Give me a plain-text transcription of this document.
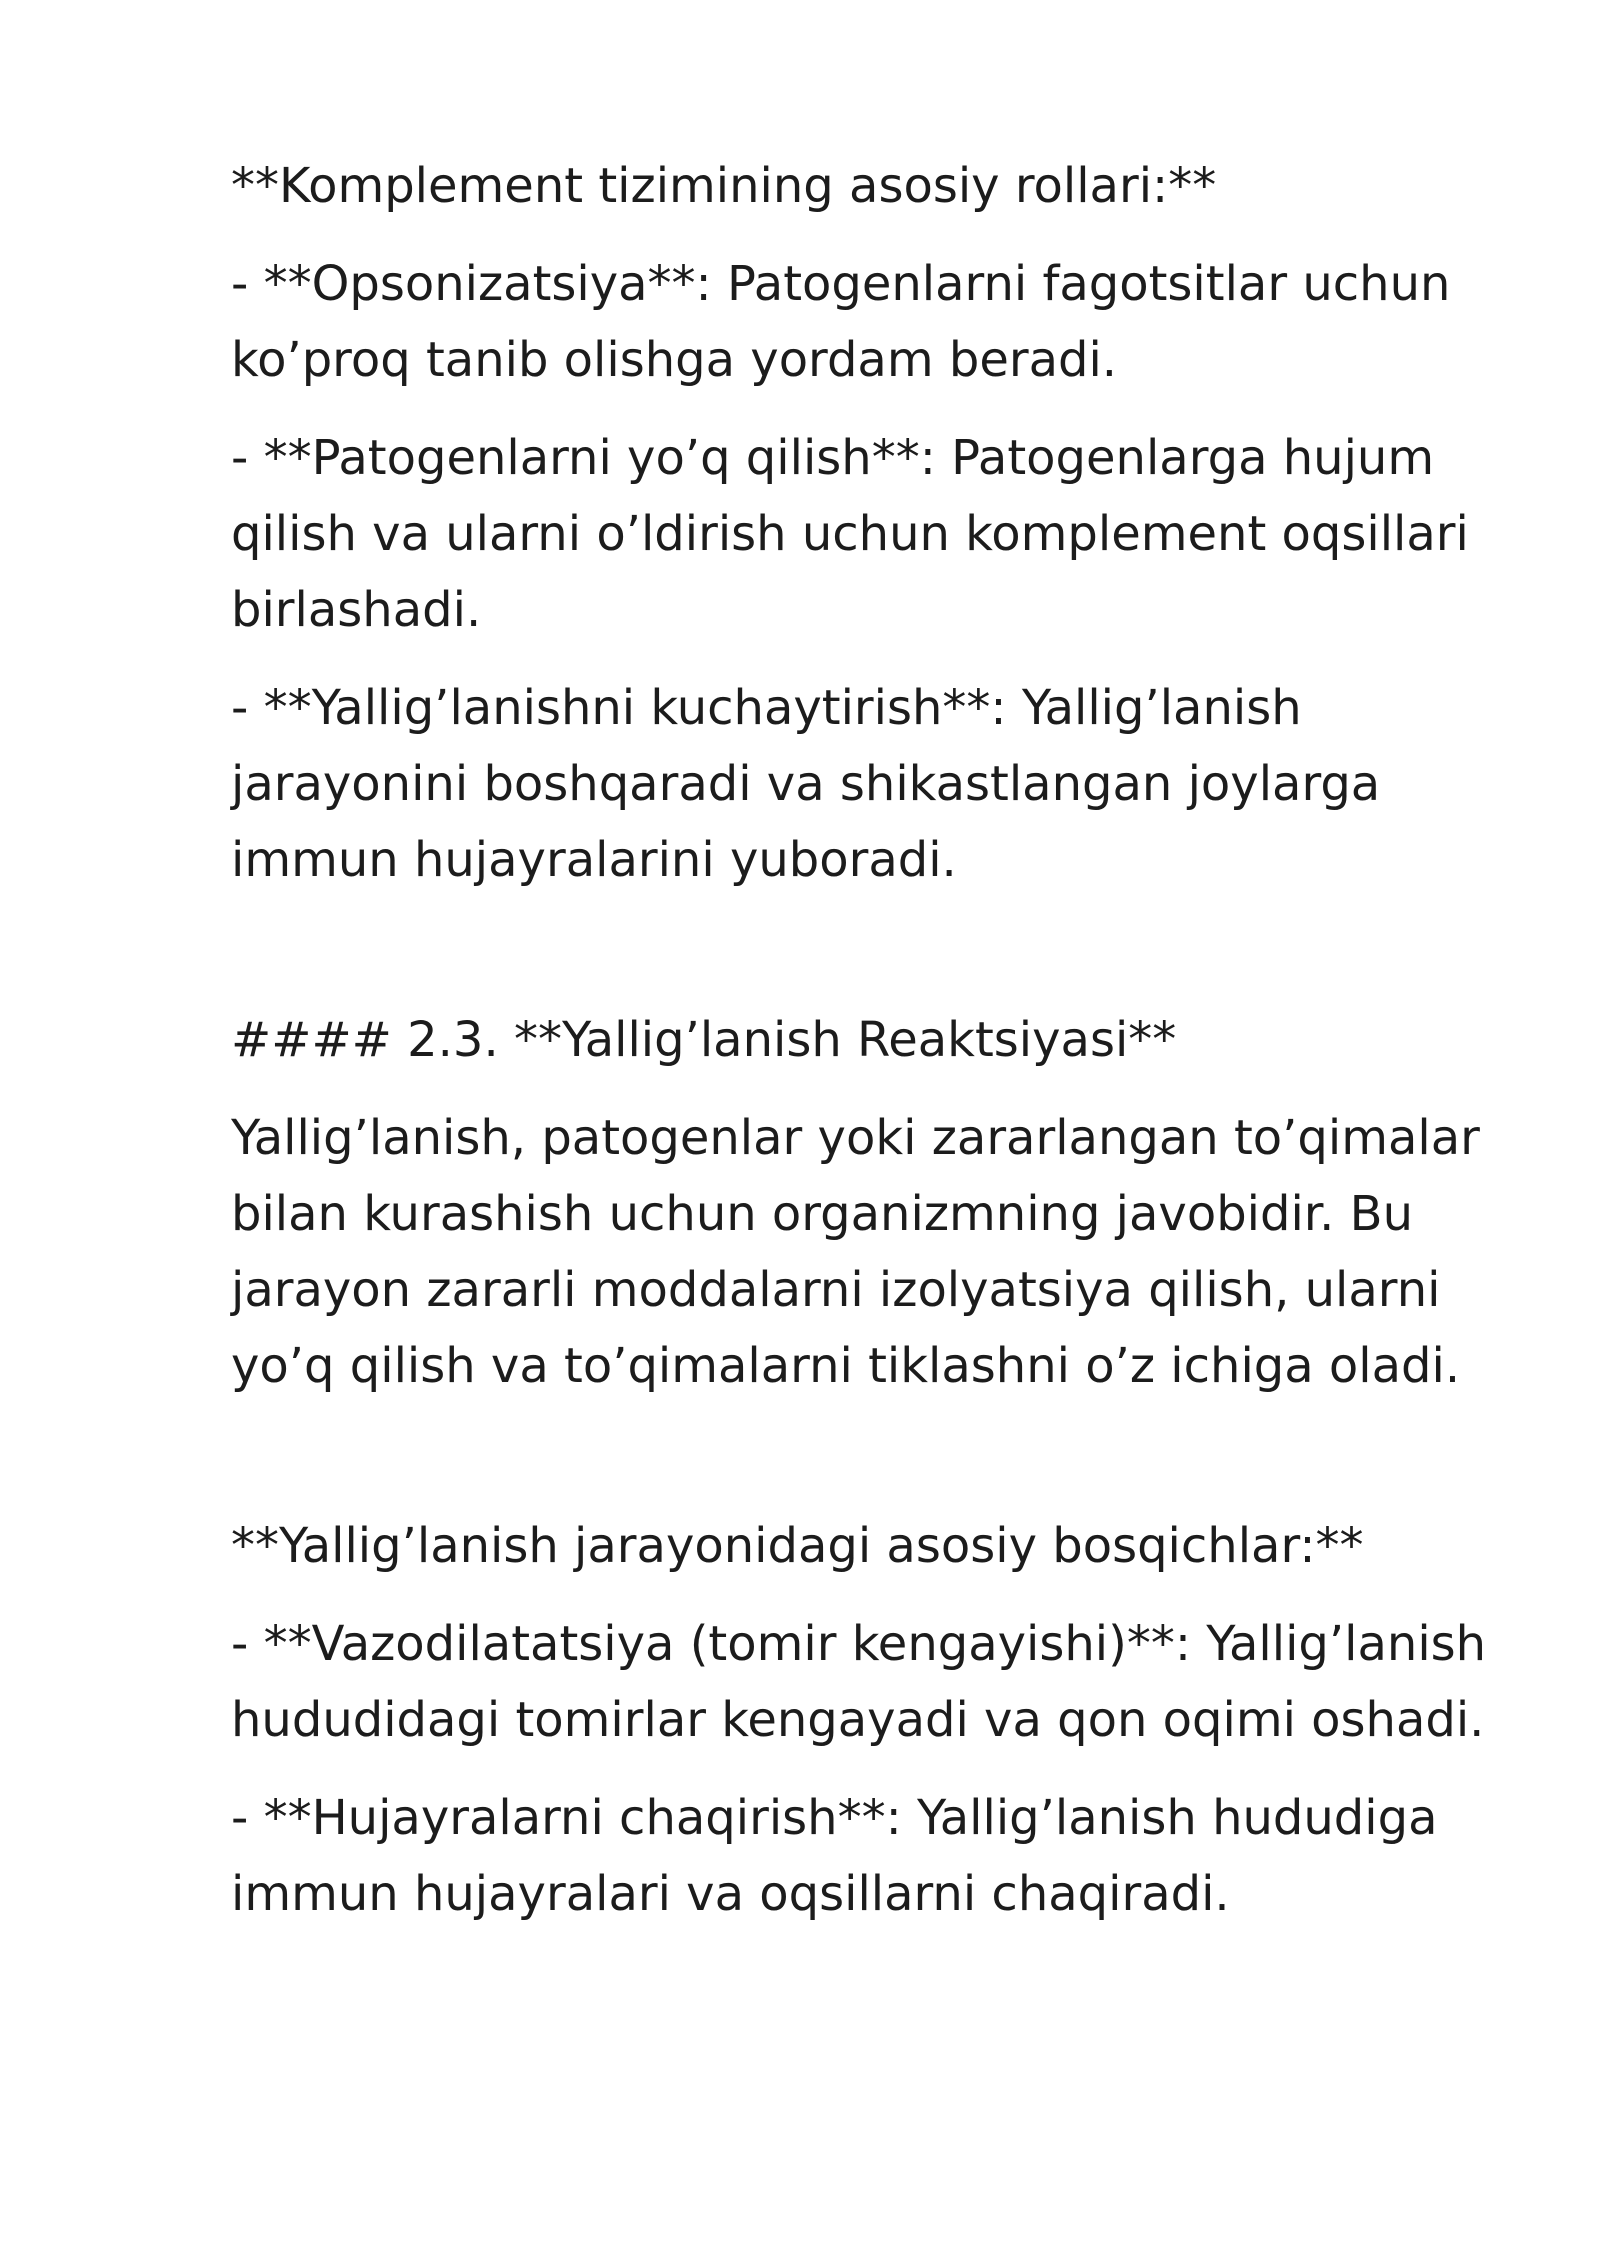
**Komplement tizimining asosiy rollari:**

- **Opsonizatsiya**: Patogenlarni fagotsitlar uchun ko’proq tanib olishga yordam beradi.

- **Patogenlarni yo’q qilish**: Patogenlarga hujum qilish va ularni o’ldirish uchun komplement oqsillari birlashadi.

- **Yallig’lanishni kuchaytirish**: Yallig’lanish jarayonini boshqaradi va shikastlangan joylarga immun hujayralarini yuboradi.

#### 2.3. **Yallig’lanish Reaktsiyasi**

Yallig’lanish, patogenlar yoki zararlangan to’qimalar bilan kurashish uchun organizmning javobidir. Bu jarayon zararli moddalarni izolyatsiya qilish, ularni yo’q qilish va to’qimalarni tiklashni o’z ichiga oladi.

**Yallig’lanish jarayonidagi asosiy bosqichlar:**

- **Vazodilatatsiya (tomir kengayishi)**: Yallig’lanish hududidagi tomirlar kengayadi va qon oqimi oshadi.

- **Hujayralarni chaqirish**: Yallig’lanish hududiga immun hujayralari va oqsillarni chaqiradi.
